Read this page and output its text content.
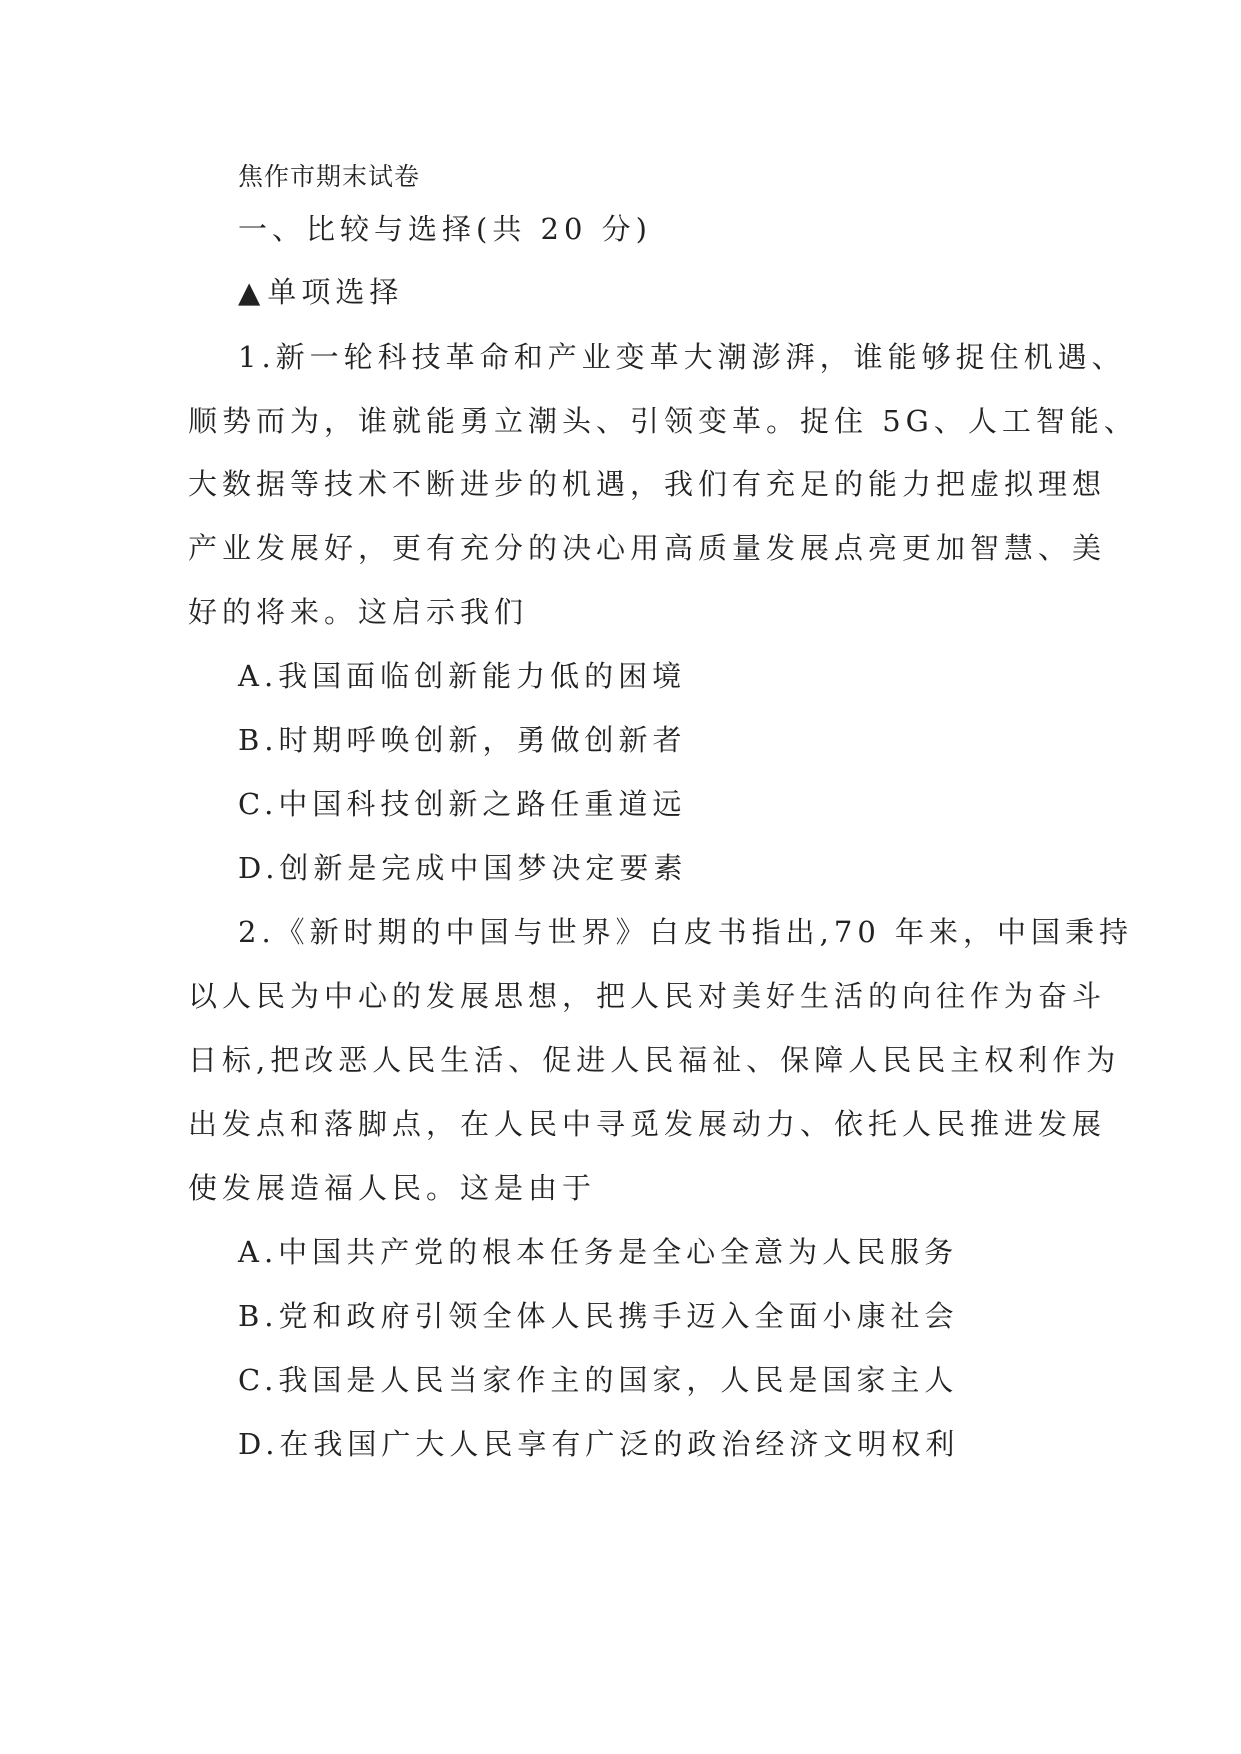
焦作市期末试卷
一、比较与选择(共 20 分)
▲单项选择
1.新一轮科技革命和产业变革大潮澎湃，谁能够捉住机遇、
顺势而为，谁就能勇立潮头、引领变革。捉住 5G、人工智能、
大数据等技术不断进步的机遇，我们有充足的能力把虚拟理想
产业发展好，更有充分的决心用高质量发展点亮更加智慧、美
好的将来。这启示我们
A.我国面临创新能力低的困境
B.时期呼唤创新，勇做创新者
C.中国科技创新之路任重道远
D.创新是完成中国梦决定要素
2.《新时期的中国与世界》白皮书指出,70 年来，中国秉持
以人民为中心的发展思想，把人民对美好生活的向往作为奋斗
日标,把改恶人民生活、促进人民福祉、保障人民民主权利作为
出发点和落脚点，在人民中寻觅发展动力、依托人民推进发展
使发展造福人民。这是由于
A.中国共产党的根本任务是全心全意为人民服务
B.党和政府引领全体人民携手迈入全面小康社会
C.我国是人民当家作主的国家，人民是国家主人
D.在我国广大人民享有广泛的政治经济文明权利
